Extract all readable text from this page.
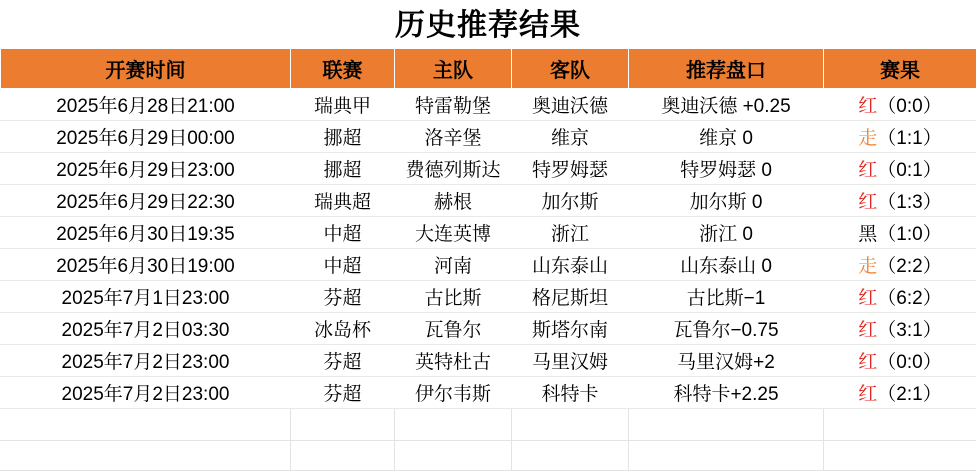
历史推荐结果
开赛时间	联赛	主队	客队	推荐盘口	赛果
2025年6月28日21:00	瑞典甲	特雷勒堡	奥迪沃德	奥迪沃德 +0.25	红（0:0）
2025年6月29日00:00	挪超	洛辛堡	维京	维京 0	走（1:1）
2025年6月29日23:00	挪超	费德列斯达	特罗姆瑟	特罗姆瑟 0	红（0:1）
2025年6月29日22:30	瑞典超	赫根	加尔斯	加尔斯 0	红（1:3）
2025年6月30日19:35	中超	大连英博	浙江	浙江 0	黑（1:0）
2025年6月30日19:00	中超	河南	山东泰山	山东泰山 0	走（2:2）
2025年7月1日23:00	芬超	古比斯	格尼斯坦	古比斯−1	红（6:2）
2025年7月2日03:30	冰岛杯	瓦鲁尔	斯塔尔南	瓦鲁尔−0.75	红（3:1）
2025年7月2日23:00	芬超	英特杜古	马里汉姆	马里汉姆+2	红（0:0）
2025年7月2日23:00	芬超	伊尔韦斯	科特卡	科特卡+2.25	红（2:1）
